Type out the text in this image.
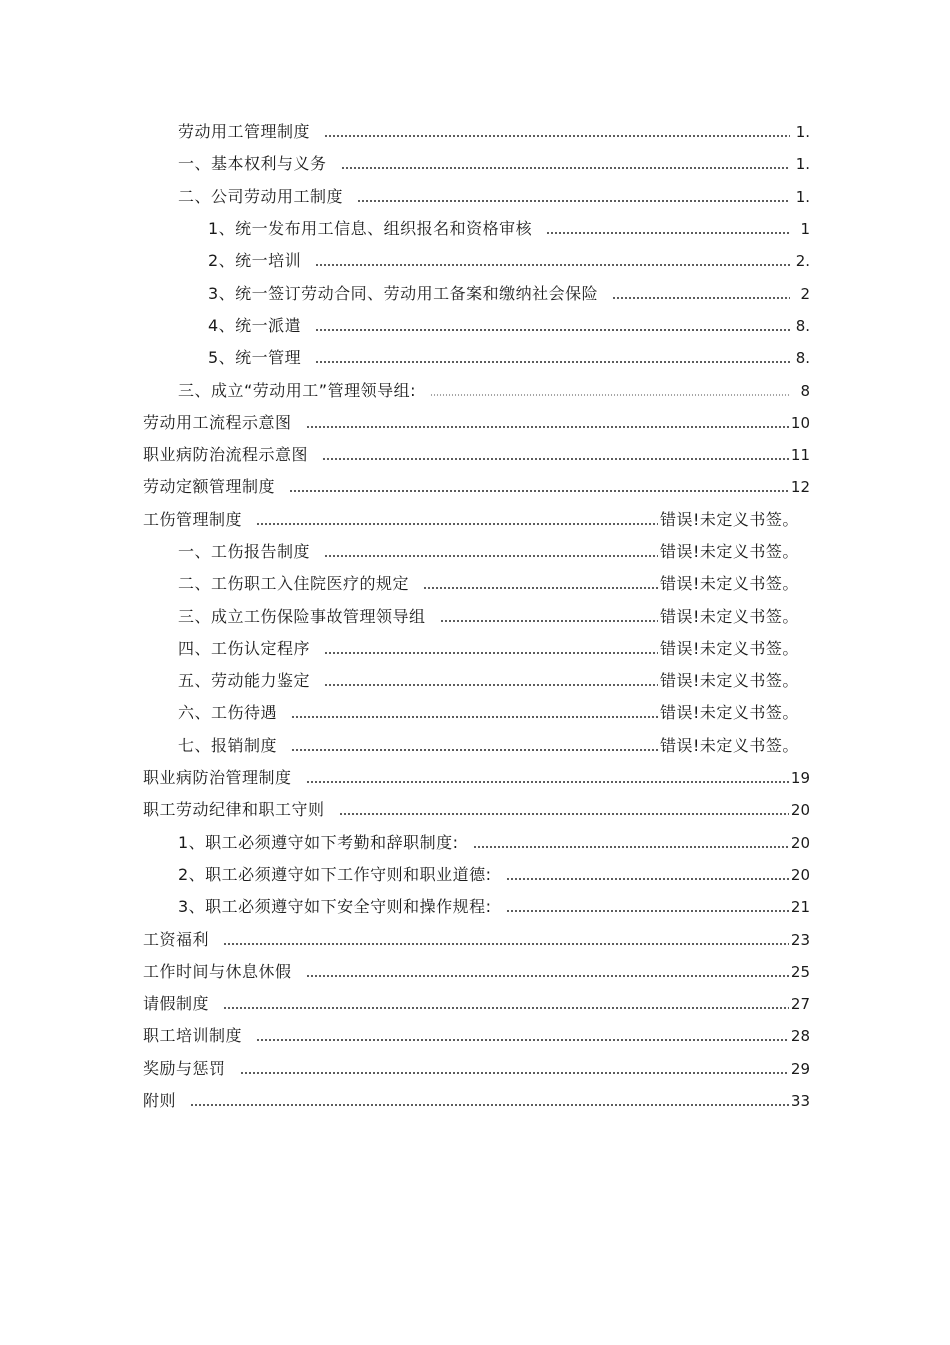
劳动用工管理制度	1.
一、基本权利与义务	1.
二、公司劳动用工制度	1.
1、统一发布用工信息、组织报名和资格审核	1
2、统一培训	2.
3、统一签订劳动合同、劳动用工备案和缴纳社会保险	2
4、统一派遣	8.
5、统一管理	8.
三、成立“劳动用工”管理领导组:	8
劳动用工流程示意图	10
职业病防治流程示意图	11
劳动定额管理制度	12
工伤管理制度	错误!未定义书签。
一、工伤报告制度	错误!未定义书签。
二、工伤职工入住院医疗的规定	错误!未定义书签。
三、成立工伤保险事故管理领导组	错误!未定义书签。
四、工伤认定程序	错误!未定义书签。
五、劳动能力鉴定	错误!未定义书签。
六、工伤待遇	错误!未定义书签。
七、报销制度	错误!未定义书签。
职业病防治管理制度	19
职工劳动纪律和职工守则	20
1、职工必须遵守如下考勤和辞职制度:	20
2、职工必须遵守如下工作守则和职业道德:	20
3、职工必须遵守如下安全守则和操作规程:	21
工资福利	23
工作时间与休息休假	25
请假制度	27
职工培训制度	28
奖励与惩罚	29
附则	33
